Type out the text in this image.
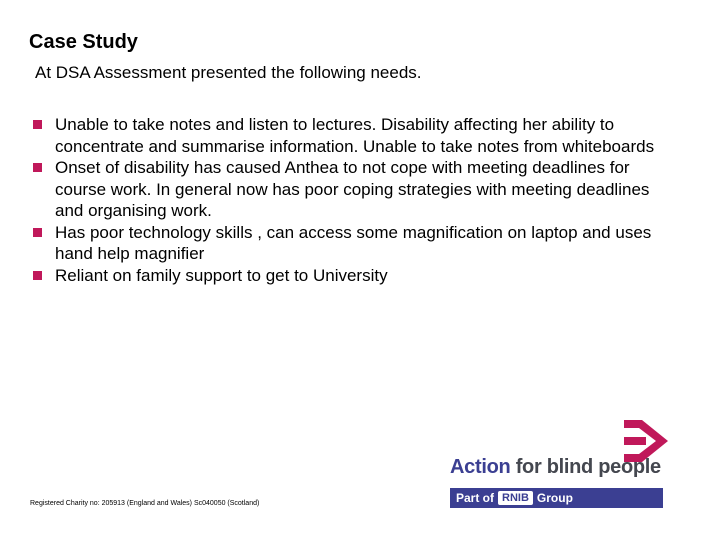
Case Study

At DSA Assessment presented the following needs.

Unable to take notes and listen to lectures. Disability affecting her ability to concentrate and summarise information. Unable to take notes from whiteboards
Onset of disability has caused Anthea to not cope with meeting deadlines for course work. In general now has poor coping strategies with meeting deadlines and organising work.
Has poor technology skills , can access some magnification on laptop and uses hand help magnifier
Reliant on family support to get to University
Registered Charity no: 205913 (England and Wales) Sc040050 (Scotland)
Action for blind people
Part of RNIB Group
